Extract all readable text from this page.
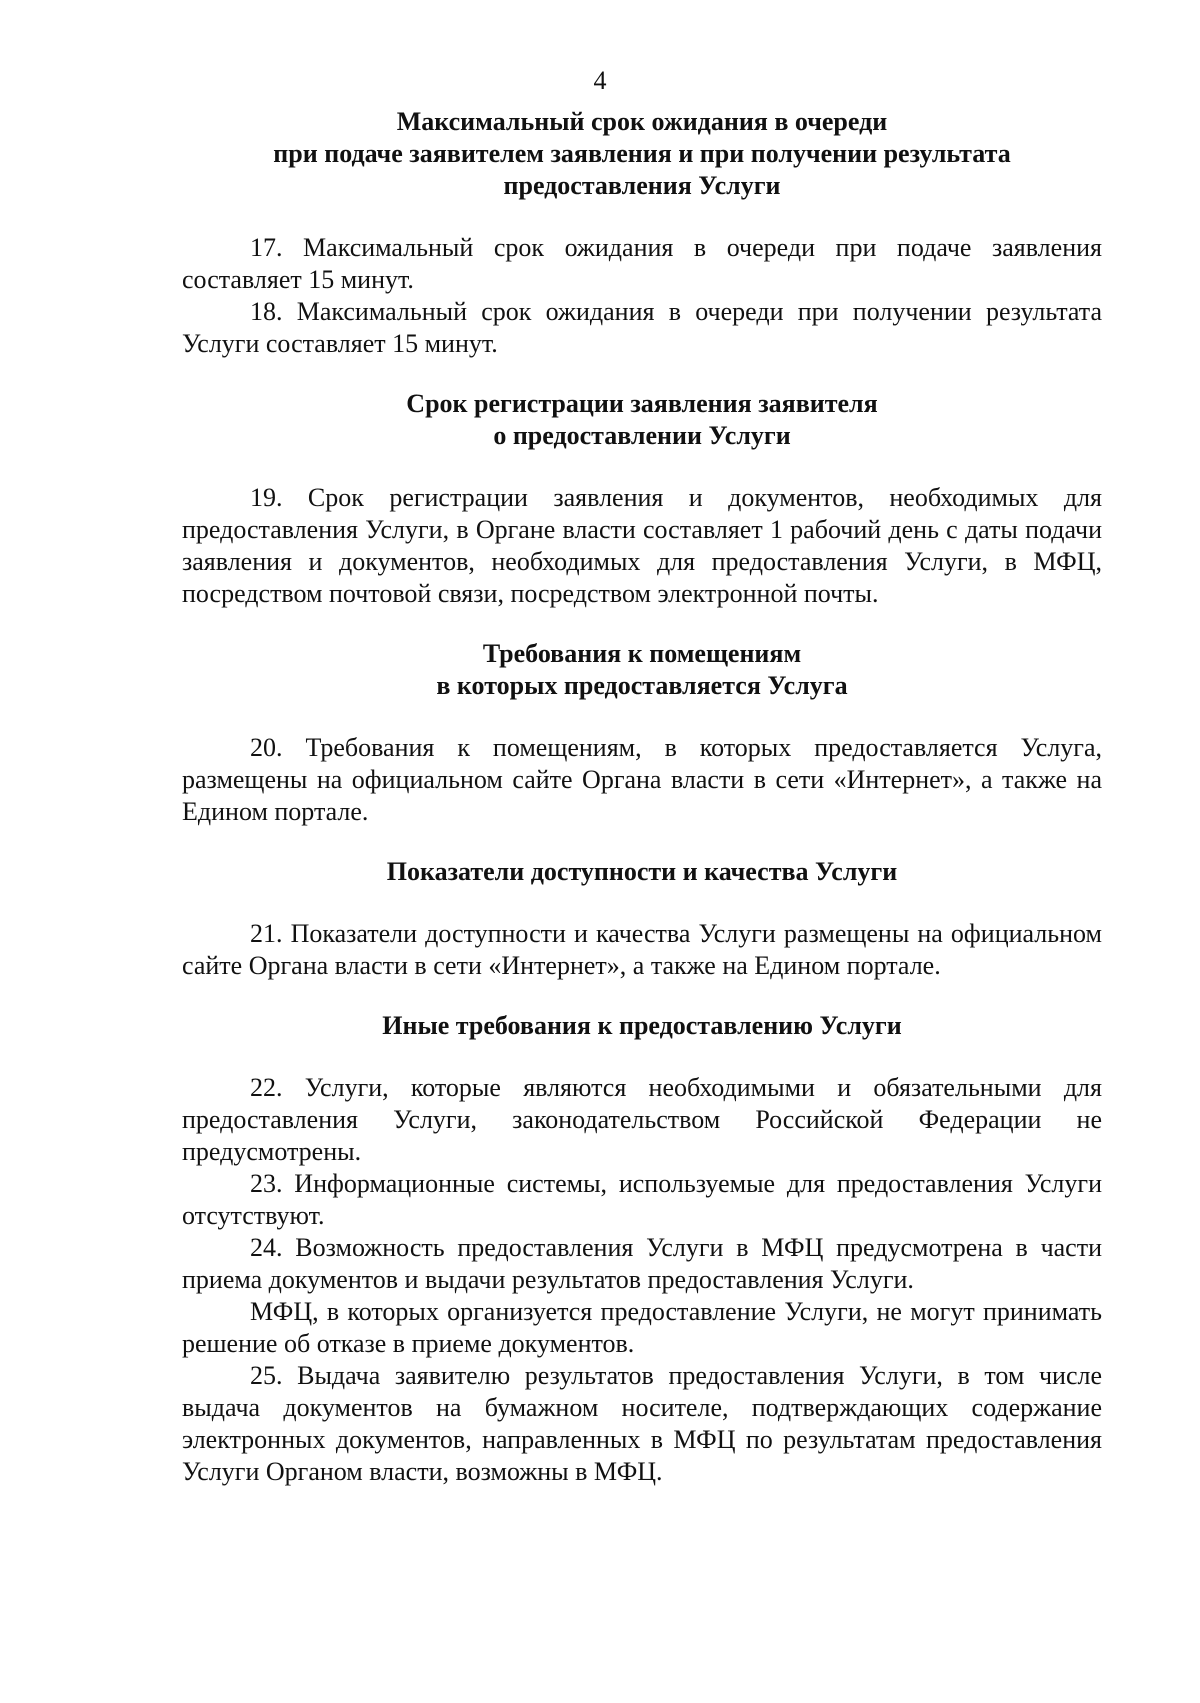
4
Максимальный срок ожидания в очереди
при подаче заявителем заявления и при получении результата
предоставления Услуги

17. Максимальный срок ожидания в очереди при подаче заявления составляет 15 минут.

18. Максимальный срок ожидания в очереди при получении результата Услуги составляет 15 минут.

Срок регистрации заявления заявителя
о предоставлении Услуги

19. Срок регистрации заявления и документов, необходимых для предоставления Услуги, в Органе власти составляет 1 рабочий день с даты подачи заявления и документов, необходимых для предоставления Услуги, в МФЦ, посредством почтовой связи, посредством электронной почты.

Требования к помещениям
в которых предоставляется Услуга

20. Требования к помещениям, в которых предоставляется Услуга, размещены на официальном сайте Органа власти в сети «Интернет», а также на Едином портале.

Показатели доступности и качества Услуги

21. Показатели доступности и качества Услуги размещены на официальном сайте Органа власти в сети «Интернет», а также на Едином портале.

Иные требования к предоставлению Услуги

22. Услуги, которые являются необходимыми и обязательными для предоставления Услуги, законодательством Российской Федерации не предусмотрены.

23. Информационные системы, используемые для предоставления Услуги отсутствуют.

24. Возможность предоставления Услуги в МФЦ предусмотрена в части приема документов и выдачи результатов предоставления Услуги.

МФЦ, в которых организуется предоставление Услуги, не могут принимать решение об отказе в приеме документов.

25. Выдача заявителю результатов предоставления Услуги, в том числе выдача документов на бумажном носителе, подтверждающих содержание электронных документов, направленных в МФЦ по результатам предоставления Услуги Органом власти, возможны в МФЦ.
